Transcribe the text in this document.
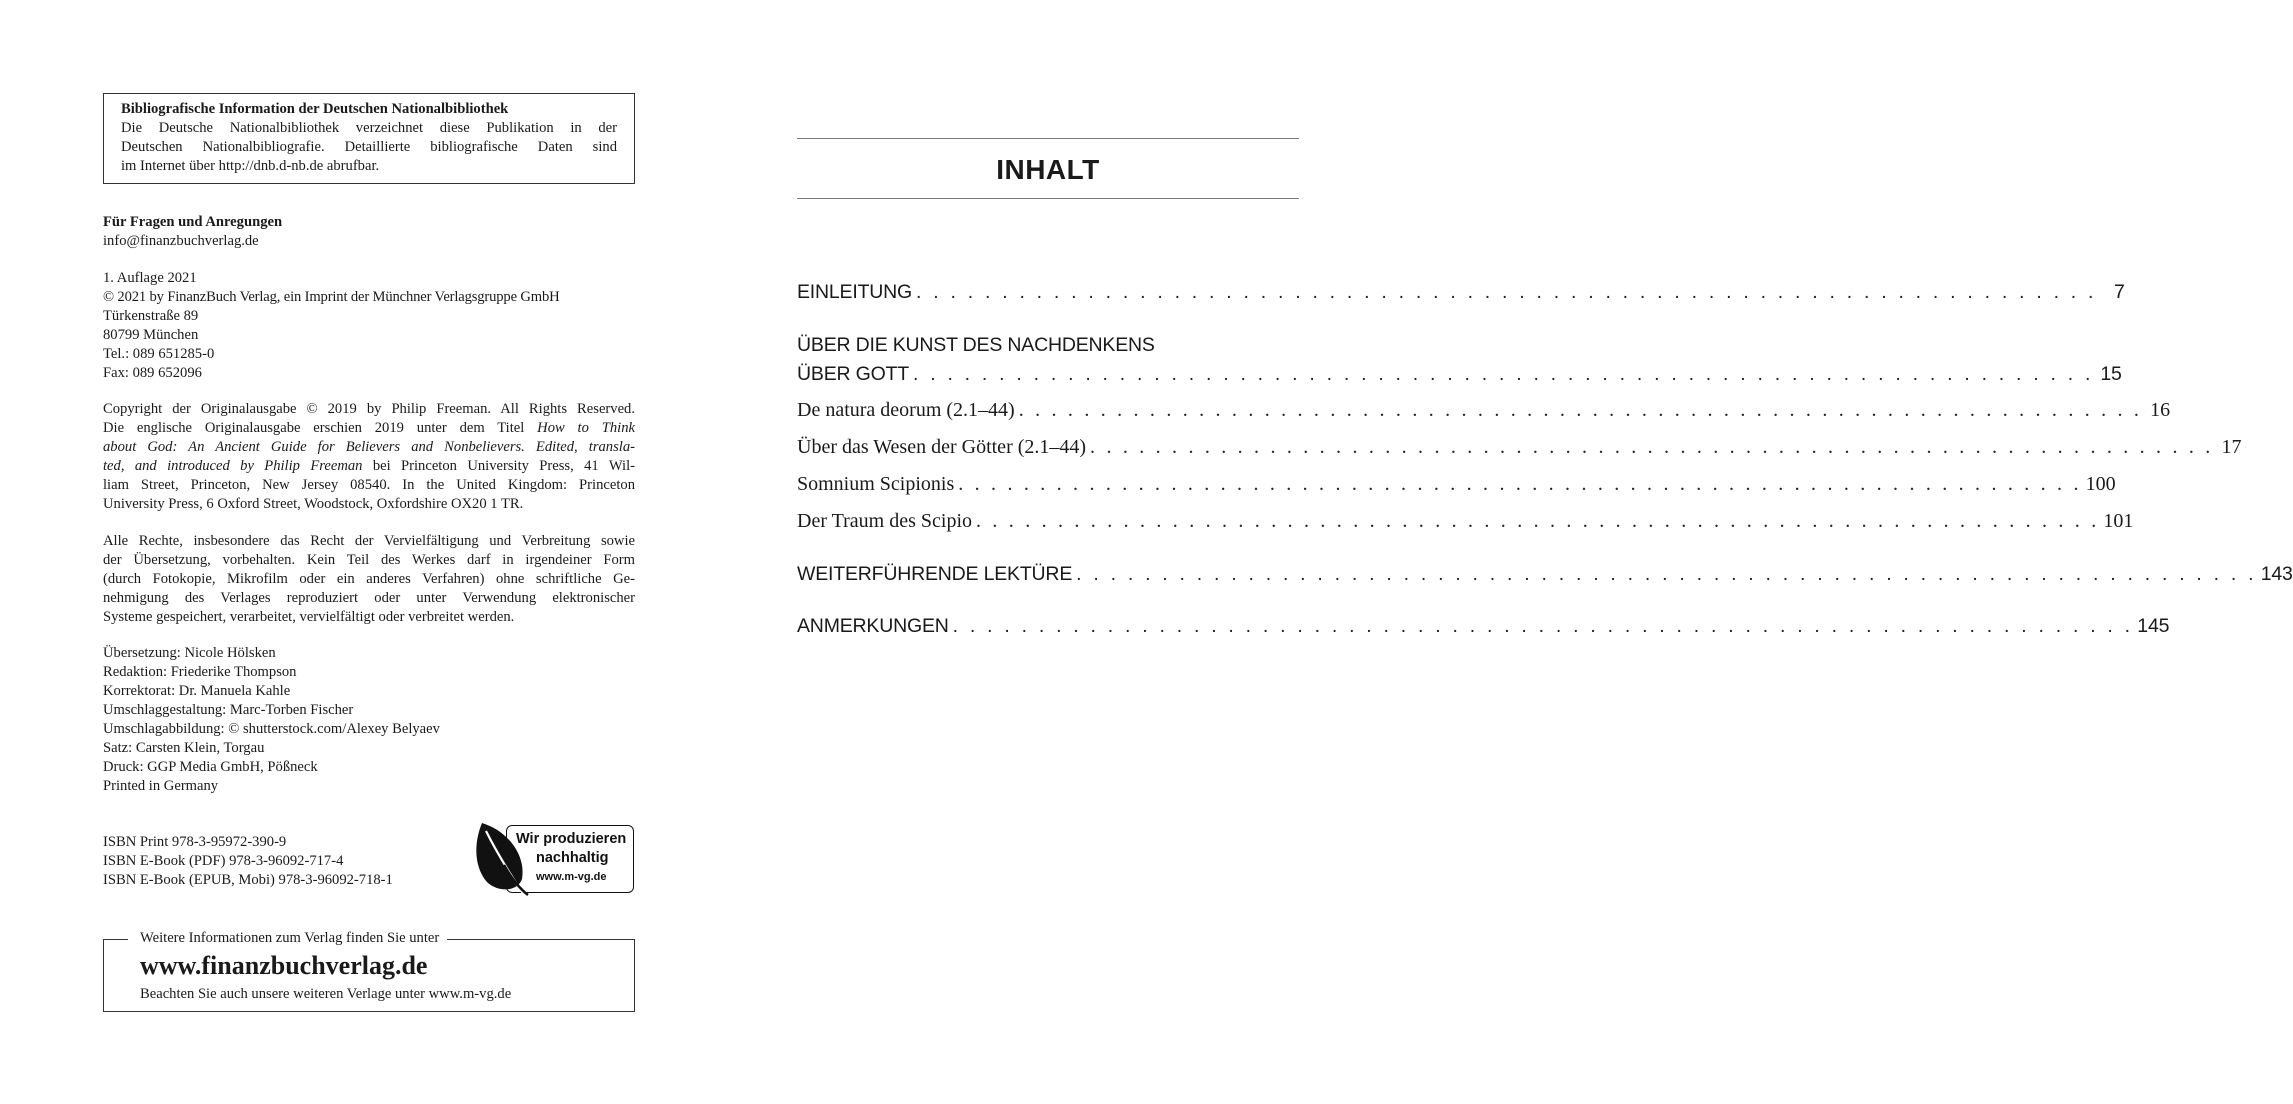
Bibliografische Information der Deutschen Nationalbibliothek
Die Deutsche Nationalbibliothek verzeichnet diese Publikation in der
Deutschen Nationalbibliografie. Detaillierte bibliografische Daten sind
im Internet über http://dnb.d-nb.de abrufbar.
Für Fragen und Anregungen
info@finanzbuchverlag.de
1. Auflage 2021
© 2021 by FinanzBuch Verlag, ein Imprint der Münchner Verlagsgruppe GmbH
Türkenstraße 89
80799 München
Tel.: 089 651285-0
Fax: 089 652096
Copyright der Originalausgabe © 2019 by Philip Freeman. All Rights Reserved.
Die englische Originalausgabe erschien 2019 unter dem Titel How to Think
about God: An Ancient Guide for Believers and Nonbelievers. Edited, transla-
ted, and introduced by Philip Freeman bei Princeton University Press, 41 Wil-
liam Street, Princeton, New Jersey 08540. In the United Kingdom: Princeton
University Press, 6 Oxford Street, Woodstock, Oxfordshire OX20 1 TR.
Alle Rechte, insbesondere das Recht der Vervielfältigung und Verbreitung sowie
der Übersetzung, vorbehalten. Kein Teil des Werkes darf in irgendeiner Form
(durch Fotokopie, Mikrofilm oder ein anderes Verfahren) ohne schriftliche Ge-
nehmigung des Verlages reproduziert oder unter Verwendung elektronischer
Systeme gespeichert, verarbeitet, vervielfältigt oder verbreitet werden.
Übersetzung: Nicole Hölsken
Redaktion: Friederike Thompson
Korrektorat: Dr. Manuela Kahle
Umschlaggestaltung: Marc-Torben Fischer
Umschlagabbildung: © shutterstock.com/Alexey Belyaev
Satz: Carsten Klein, Torgau
Druck: GGP Media GmbH, Pößneck
Printed in Germany
ISBN Print 978-3-95972-390-9
ISBN E-Book (PDF) 978-3-96092-717-4
ISBN E-Book (EPUB, Mobi) 978-3-96092-718-1
Wir produzieren
nachhaltig
www.m-vg.de
Weitere Informationen zum Verlag finden Sie unter
www.finanzbuchverlag.de
Beachten Sie auch unsere weiteren Verlage unter www.m-vg.de
INHALT
EINLEITUNG . . . . . . . . . . . . . . . . . . . . . . . . . . . . . . . . . . . . . . . . . . . . . . . . . . . . . . . . . . . . . . . . . . . . . 7
ÜBER DIE KUNST DES NACHDENKENS
ÜBER GOTT . . . . . . . . . . . . . . . . . . . . . . . . . . . . . . . . . . . . . . . . . . . . . . . . . . . . . . . . . . . . . . . . . . . . . 15
De natura deorum (2.1–44) . . . . . . . . . . . . . . . . . . . . . . . . . . . . . . . . . . . . . . . . . . . . . . . . . . . . . . . . . . . . . . . . . . . . . 16
Über das Wesen der Götter (2.1–44) . . . . . . . . . . . . . . . . . . . . . . . . . . . . . . . . . . . . . . . . . . . . . . . . . . . . . . . . . . . . . . . . . . . . . 17
Somnium Scipionis . . . . . . . . . . . . . . . . . . . . . . . . . . . . . . . . . . . . . . . . . . . . . . . . . . . . . . . . . . . . . . . . . . . . . 100
Der Traum des Scipio . . . . . . . . . . . . . . . . . . . . . . . . . . . . . . . . . . . . . . . . . . . . . . . . . . . . . . . . . . . . . . . . . . . . . 101
WEITERFÜHRENDE LEKTÜRE . . . . . . . . . . . . . . . . . . . . . . . . . . . . . . . . . . . . . . . . . . . . . . . . . . . . . . . . . . . . . . . . . . . . . 143
ANMERKUNGEN . . . . . . . . . . . . . . . . . . . . . . . . . . . . . . . . . . . . . . . . . . . . . . . . . . . . . . . . . . . . . . . . . . . . . 145
